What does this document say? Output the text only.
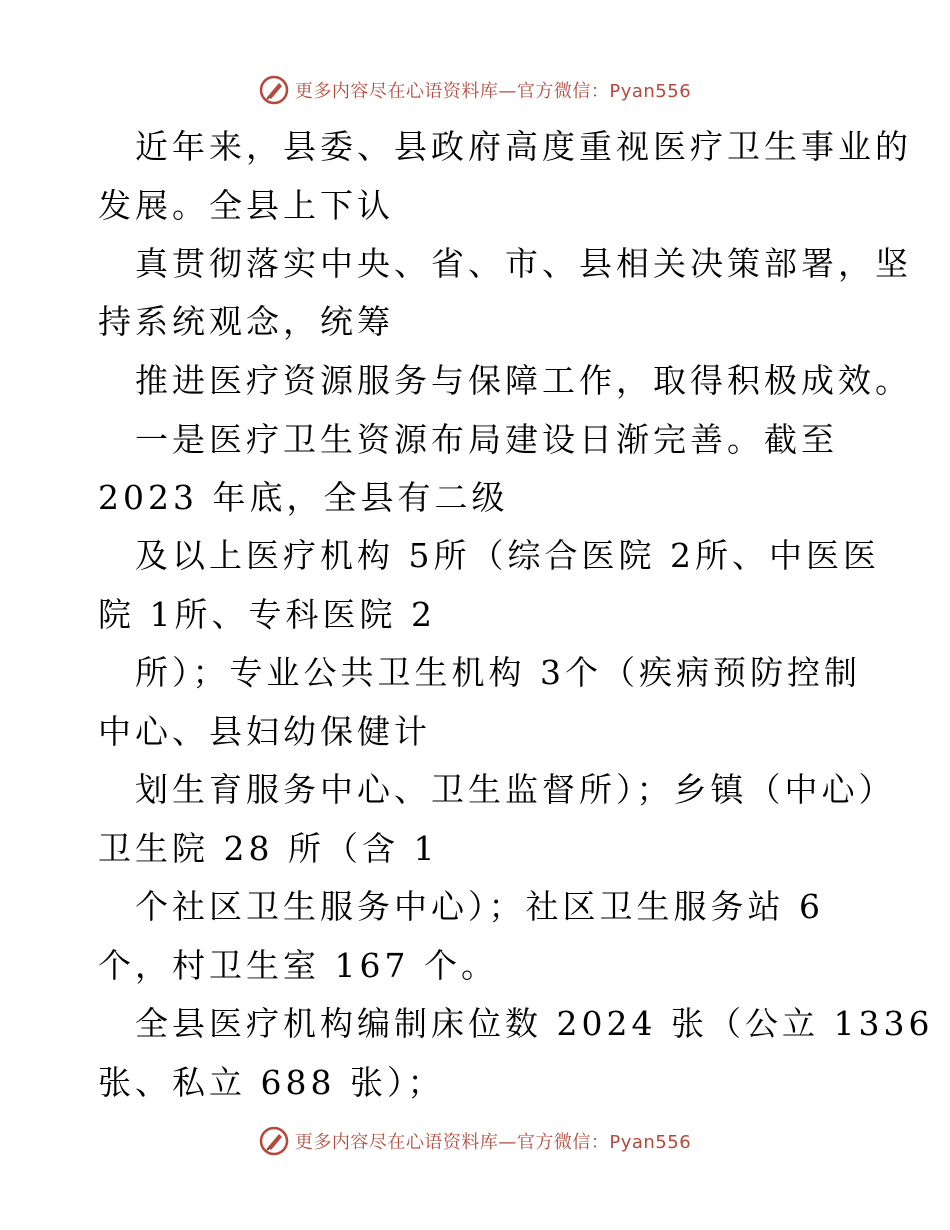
更多内容尽在心语资料库—官方微信：Pyan556
近年来，县委、县政府高度重视医疗卫生事业的
发展。全县上下认
真贯彻落实中央、省、市、县相关决策部署，坚
持系统观念，统筹
推进医疗资源服务与保障工作，取得积极成效。
一是医疗卫生资源布局建设日渐完善。截至
2023 年底，全县有二级
及以上医疗机构 5所（综合医院 2所、中医医
院 1所、专科医院 2
所）；专业公共卫生机构 3个（疾病预防控制
中心、县妇幼保健计
划生育服务中心、卫生监督所）；乡镇（中心）
卫生院 28 所（含 1
个社区卫生服务中心）；社区卫生服务站 6
个，村卫生室 167 个。
全县医疗机构编制床位数 2024 张（公立 1336
张、私立 688 张）；
更多内容尽在心语资料库—官方微信：Pyan556
